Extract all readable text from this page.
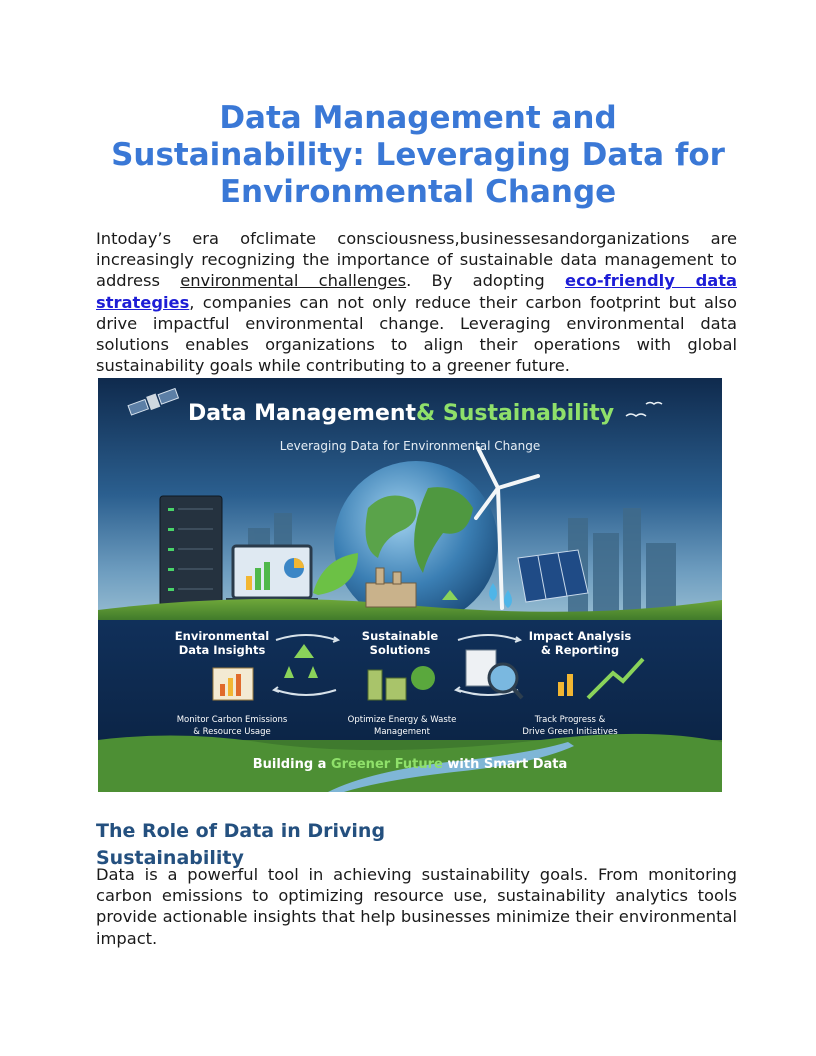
Data Management and Sustainability: Leveraging Data for Environmental Change

Intoday’s era ofclimate consciousness,businessesandorganizations are increasingly recognizing the importance of sustainable data management to address environmental challenges. By adopting eco-friendly data strategies, companies can not only reduce their carbon footprint but also drive impactful environmental change. Leveraging environmental data solutions enables organizations to align their operations with global sustainability goals while contributing to a greener future.

Data Management & Sustainability
Leveraging Data for Environmental Change
Environmental
Data Insights
Monitor Carbon Emissions
& Resource Usage
Sustainable
Solutions
Optimize Energy & Waste
Management
Impact Analysis
& Reporting
Track Progress &
Drive Green Initiatives
Building a Greener Future with Smart Data
The Role of Data in Driving Sustainability

Data is a powerful tool in achieving sustainability goals. From monitoring carbon emissions to optimizing resource use, sustainability analytics tools provide actionable insights that help businesses minimize their environmental impact.
